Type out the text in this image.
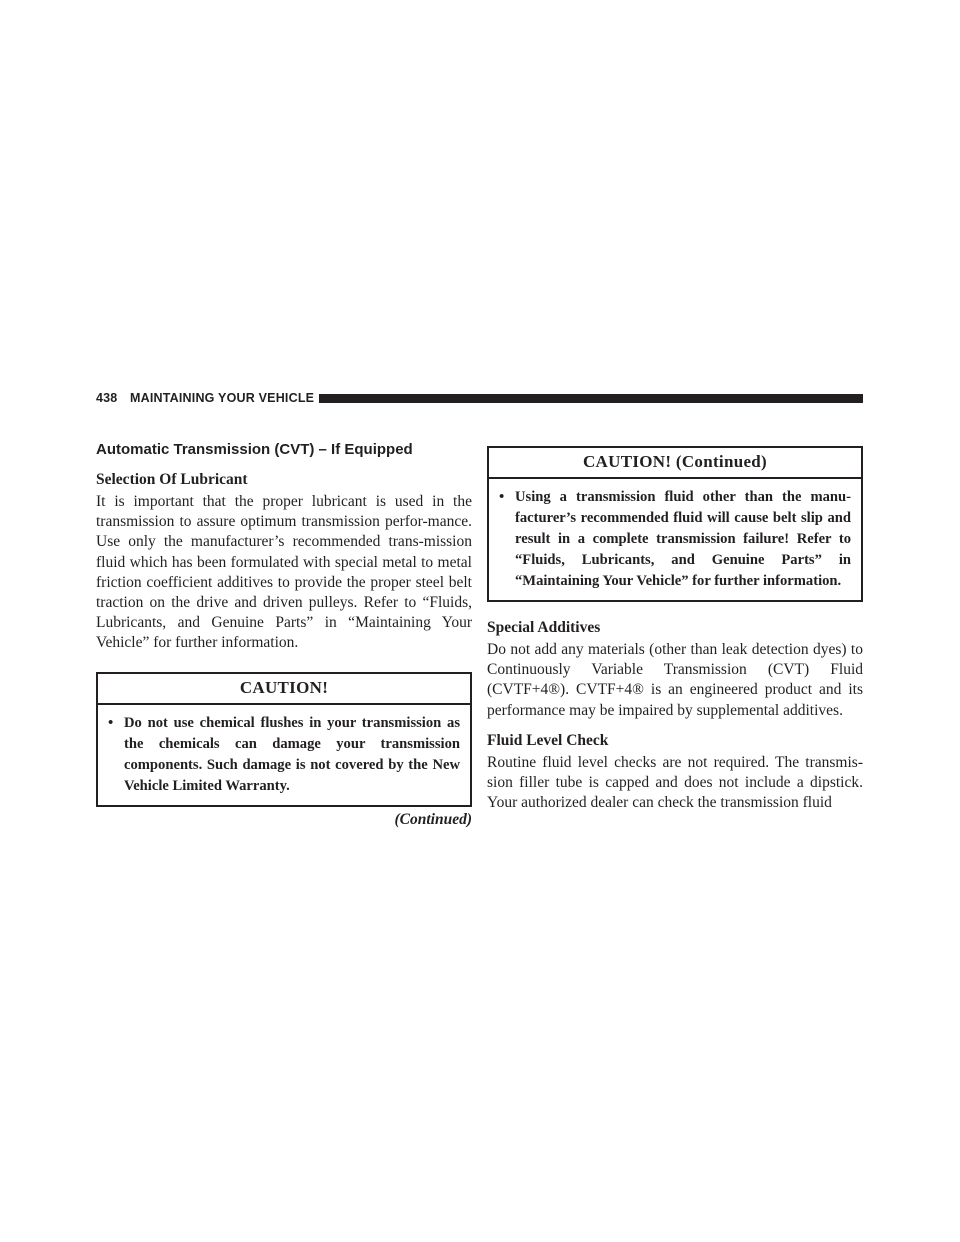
438 MAINTAINING YOUR VEHICLE
Automatic Transmission (CVT) – If Equipped
Selection Of Lubricant

It is important that the proper lubricant is used in the transmission to assure optimum transmission perfor-mance. Use only the manufacturer’s recommended trans-mission fluid which has been formulated with special metal to metal friction coefficient additives to provide the proper steel belt traction on the drive and driven pulleys. Refer to “Fluids, Lubricants, and Genuine Parts” in “Maintaining Your Vehicle” for further information.

CAUTION!
• Do not use chemical flushes in your transmission as the chemicals can damage your transmission components. Such damage is not covered by the New Vehicle Limited Warranty.
(Continued)
CAUTION! (Continued)
• Using a transmission fluid other than the manu-facturer’s recommended fluid will cause belt slip and result in a complete transmission failure! Refer to “Fluids, Lubricants, and Genuine Parts” in “Maintaining Your Vehicle” for further information.
Special Additives

Do not add any materials (other than leak detection dyes) to Continuously Variable Transmission (CVT) Fluid (CVTF+4®). CVTF+4® is an engineered product and its performance may be impaired by supplemental additives.

Fluid Level Check

Routine fluid level checks are not required. The transmis-sion filler tube is capped and does not include a dipstick. Your authorized dealer can check the transmission fluid
